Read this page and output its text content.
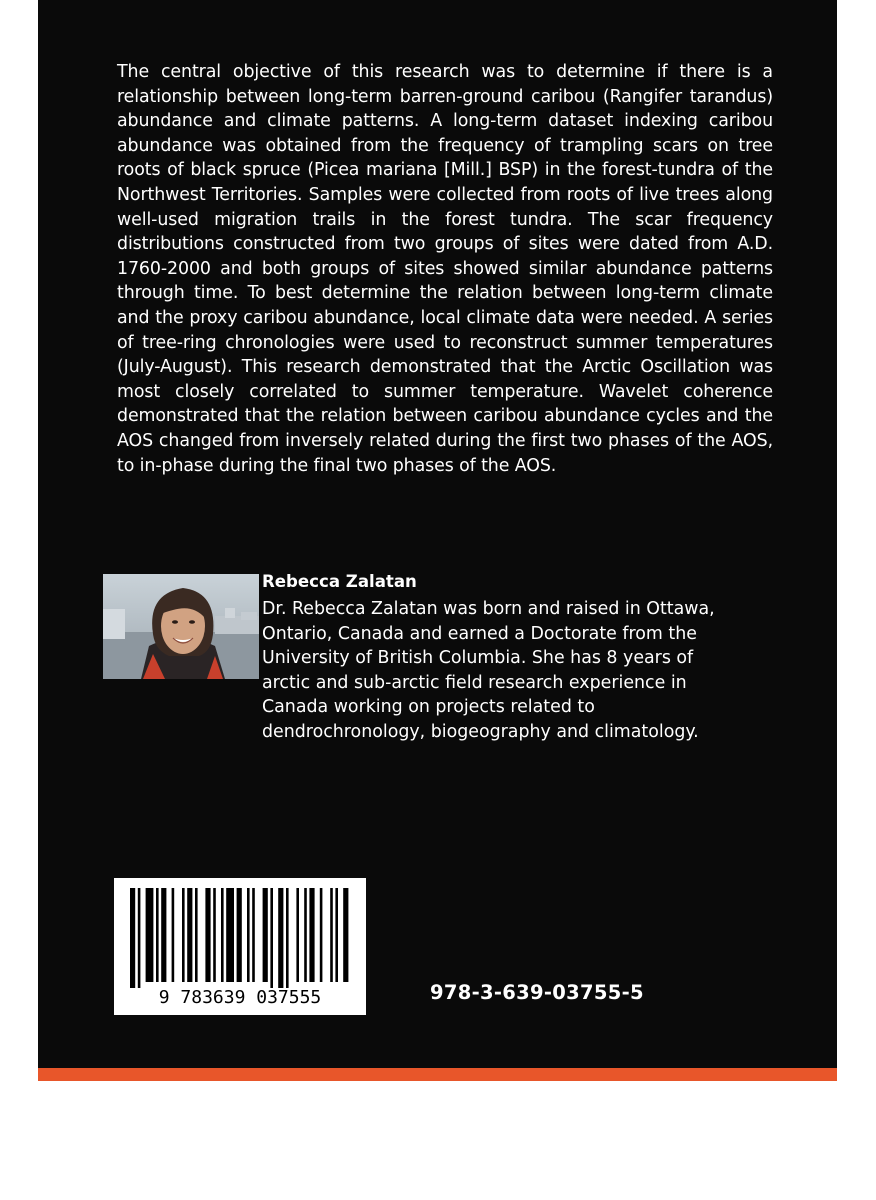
The central objective of this research was to determine if there is a relationship between long-term barren-ground caribou (Rangifer tarandus) abundance and climate patterns. A long-term dataset indexing caribou abundance was obtained from the frequency of trampling scars on tree roots of black spruce (Picea mariana [Mill.] BSP) in the forest-tundra of the Northwest Territories. Samples were collected from roots of live trees along well-used migration trails in the forest tundra. The scar frequency distributions constructed from two groups of sites were dated from A.D. 1760-2000 and both groups of sites showed similar abundance patterns through time. To best determine the relation between long-term climate and the proxy caribou abundance, local climate data were needed. A series of tree-ring chronologies were used to reconstruct summer temperatures (July-August). This research demonstrated that the Arctic Oscillation was most closely correlated to summer temperature. Wavelet coherence demonstrated that the relation between caribou abundance cycles and the AOS changed from inversely related during the first two phases of the AOS, to in-phase during the final two phases of the AOS.

Rebecca Zalatan

Dr. Rebecca Zalatan was born and raised in Ottawa, Ontario, Canada and earned a Doctorate from the University of British Columbia. She has 8 years of arctic and sub-arctic field research experience in Canada working on projects related to dendrochronology, biogeography and climatology.

9 783639 037555	978-3-639-03755-5
